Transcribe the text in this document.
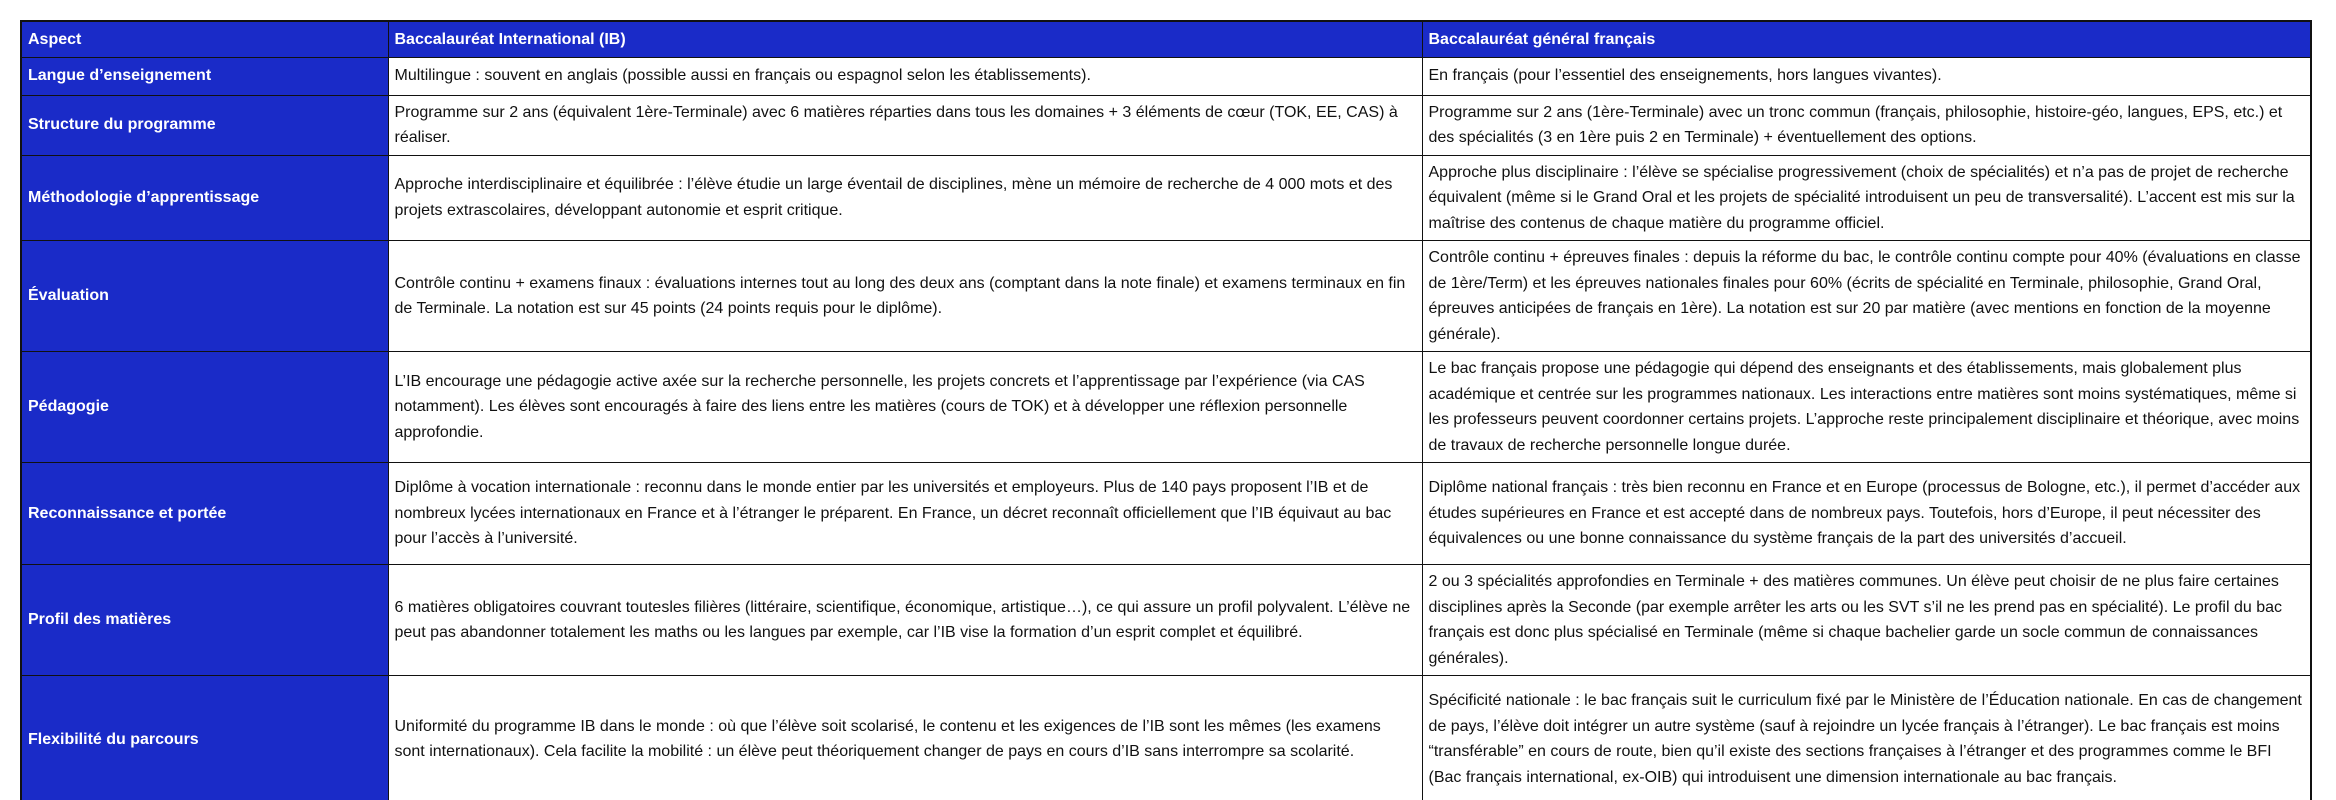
Aspect	Baccalauréat International (IB)	Baccalauréat général français
Langue d’enseignement	Multilingue : souvent en anglais (possible aussi en français ou espagnol selon les établissements).	En français (pour l’essentiel des enseignements, hors langues vivantes).
Structure du programme	Programme sur 2 ans (équivalent 1ère-Terminale) avec 6 matières réparties dans tous les domaines + 3 éléments de cœur (TOK, EE, CAS) à réaliser.	Programme sur 2 ans (1ère-Terminale) avec un tronc commun (français, philosophie, histoire-géo, langues, EPS, etc.) et des spécialités (3 en 1ère puis 2 en Terminale) + éventuellement des options.
Méthodologie d’apprentissage	Approche interdisciplinaire et équilibrée : l’élève étudie un large éventail de disciplines, mène un mémoire de recherche de 4 000 mots et des projets extrascolaires, développant autonomie et esprit critique.	Approche plus disciplinaire : l’élève se spécialise progressivement (choix de spécialités) et n’a pas de projet de recherche équivalent (même si le Grand Oral et les projets de spécialité introduisent un peu de transversalité). L’accent est mis sur la maîtrise des contenus de chaque matière du programme officiel.
Évaluation	Contrôle continu + examens finaux : évaluations internes tout au long des deux ans (comptant dans la note finale) et examens terminaux en fin de Terminale. La notation est sur 45 points (24 points requis pour le diplôme).	Contrôle continu + épreuves finales : depuis la réforme du bac, le contrôle continu compte pour 40% (évaluations en classe de 1ère/Term) et les épreuves nationales finales pour 60% (écrits de spécialité en Terminale, philosophie, Grand Oral, épreuves anticipées de français en 1ère). La notation est sur 20 par matière (avec mentions en fonction de la moyenne générale).
Pédagogie	L’IB encourage une pédagogie active axée sur la recherche personnelle, les projets concrets et l’apprentissage par l’expérience (via CAS notamment). Les élèves sont encouragés à faire des liens entre les matières (cours de TOK) et à développer une réflexion personnelle approfondie.	Le bac français propose une pédagogie qui dépend des enseignants et des établissements, mais globalement plus académique et centrée sur les programmes nationaux. Les interactions entre matières sont moins systématiques, même si les professeurs peuvent coordonner certains projets. L’approche reste principalement disciplinaire et théorique, avec moins de travaux de recherche personnelle longue durée.
Reconnaissance et portée	Diplôme à vocation internationale : reconnu dans le monde entier par les universités et employeurs. Plus de 140 pays proposent l’IB et de nombreux lycées internationaux en France et à l’étranger le préparent. En France, un décret reconnaît officiellement que l’IB équivaut au bac pour l’accès à l’université.	Diplôme national français : très bien reconnu en France et en Europe (processus de Bologne, etc.), il permet d’accéder aux études supérieures en France et est accepté dans de nombreux pays. Toutefois, hors d’Europe, il peut nécessiter des équivalences ou une bonne connaissance du système français de la part des universités d’accueil.
Profil des matières	6 matières obligatoires couvrant toutesles filières (littéraire, scientifique, économique, artistique…), ce qui assure un profil polyvalent. L’élève ne peut pas abandonner totalement les maths ou les langues par exemple, car l’IB vise la formation d’un esprit complet et équilibré.	2 ou 3 spécialités approfondies en Terminale + des matières communes. Un élève peut choisir de ne plus faire certaines disciplines après la Seconde (par exemple arrêter les arts ou les SVT s’il ne les prend pas en spécialité). Le profil du bac français est donc plus spécialisé en Terminale (même si chaque bachelier garde un socle commun de connaissances générales).
Flexibilité du parcours	Uniformité du programme IB dans le monde : où que l’élève soit scolarisé, le contenu et les exigences de l’IB sont les mêmes (les examens sont internationaux). Cela facilite la mobilité : un élève peut théoriquement changer de pays en cours d’IB sans interrompre sa scolarité.	Spécificité nationale : le bac français suit le curriculum fixé par le Ministère de l’Éducation nationale. En cas de changement de pays, l’élève doit intégrer un autre système (sauf à rejoindre un lycée français à l’étranger). Le bac français est moins “transférable” en cours de route, bien qu’il existe des sections françaises à l’étranger et des programmes comme le BFI (Bac français international, ex-OIB) qui introduisent une dimension internationale au bac français.
